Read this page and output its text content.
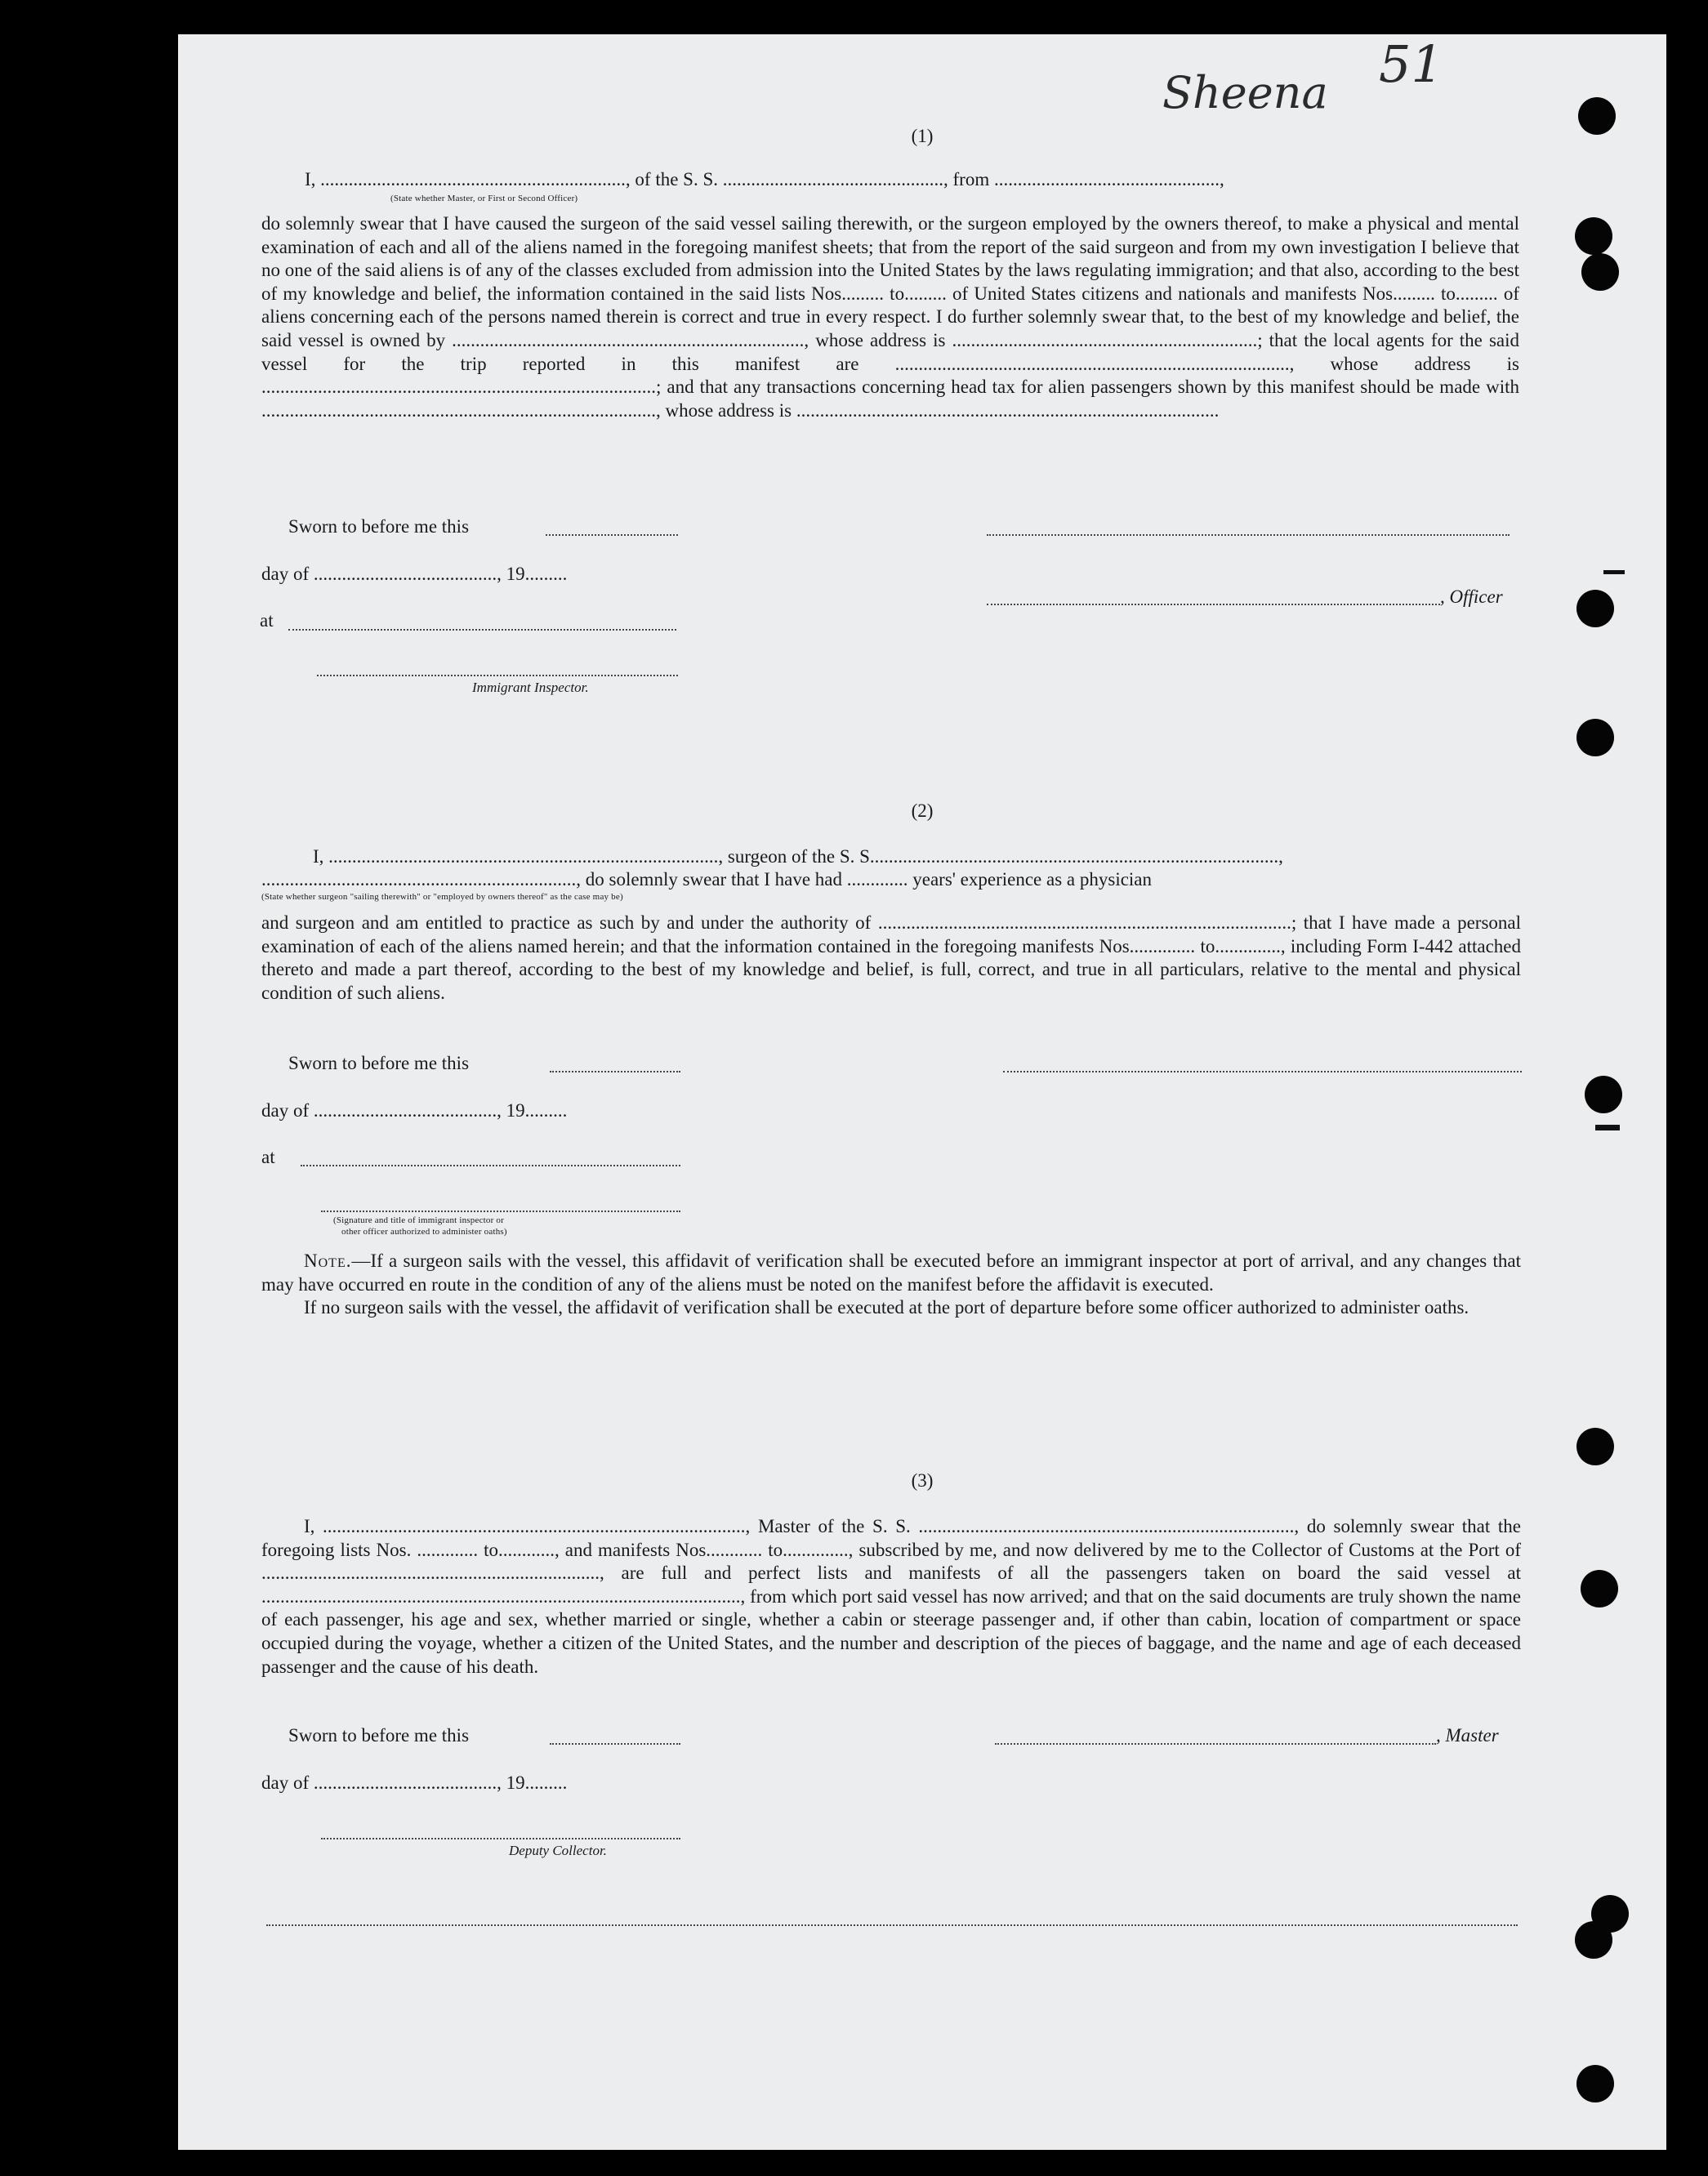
Sheena 51
(1)
I, ................................................................., of the S. S. ..............................................., from ................................................,
(State whether Master, or First or Second Officer)

do solemnly swear that I have caused the surgeon of the said vessel sailing therewith, or the surgeon employed by the owners thereof, to make a physical and mental examination of each and all of the aliens named in the foregoing manifest sheets; that from the report of the said surgeon and from my own investigation I believe that no one of the said aliens is of any of the classes excluded from admission into the United States by the laws regulating immigration; and that also, according to the best of my knowledge and belief, the information contained in the said lists Nos......... to......... of United States citizens and nationals and manifests Nos......... to......... of aliens concerning each of the persons named therein is correct and true in every respect. I do further solemnly swear that, to the best of my knowledge and belief, the said vessel is owned by ..........................................................................., whose address is .................................................................; that the local agents for the said vessel for the trip reported in this manifest are ...................................................................................., whose address is ....................................................................................; and that any transactions concerning head tax for alien passengers shown by this manifest should be made with ...................................................................................., whose address is ..........................................................................................

Sworn to before me this
day of ......................................., 19.........
, Officer
at
Immigrant Inspector.
(2)
I, ..................................................................................., surgeon of the S. S.......................................................................................,
..................................................................., do solemnly swear that I have had ............. years' experience as a physician
(State whether surgeon "sailing therewith" or "employed by owners thereof" as the case may be)

and surgeon and am entitled to practice as such by and under the authority of ........................................................................................; that I have made a personal examination of each of the aliens named herein; and that the information contained in the foregoing manifests Nos.............. to.............., including Form I-442 attached thereto and made a part thereof, according to the best of my knowledge and belief, is full, correct, and true in all particulars, relative to the mental and physical condition of such aliens.

Sworn to before me this
day of ......................................., 19.........
at
(Signature and title of immigrant inspector or
other officer authorized to administer oaths)

Note.—If a surgeon sails with the vessel, this affidavit of verification shall be executed before an immigrant inspector at port of arrival, and any changes that may have occurred en route in the condition of any of the aliens must be noted on the manifest before the affidavit is executed.

If no surgeon sails with the vessel, the affidavit of verification shall be executed at the port of departure before some officer authorized to administer oaths.

(3)

I, .........................................................................................., Master of the S. S. ................................................................................, do solemnly swear that the foregoing lists Nos. ............. to............, and manifests Nos............ to.............., subscribed by me, and now delivered by me to the Collector of Customs at the Port of ........................................................................, are full and perfect lists and manifests of all the passengers taken on board the said vessel at ......................................................................................................, from which port said vessel has now arrived; and that on the said documents are truly shown the name of each passenger, his age and sex, whether married or single, whether a cabin or steerage passenger and, if other than cabin, location of compartment or space occupied during the voyage, whether a citizen of the United States, and the number and description of the pieces of baggage, and the name and age of each deceased passenger and the cause of his death.

Sworn to before me this	, Master
day of ......................................., 19.........
Deputy Collector.
